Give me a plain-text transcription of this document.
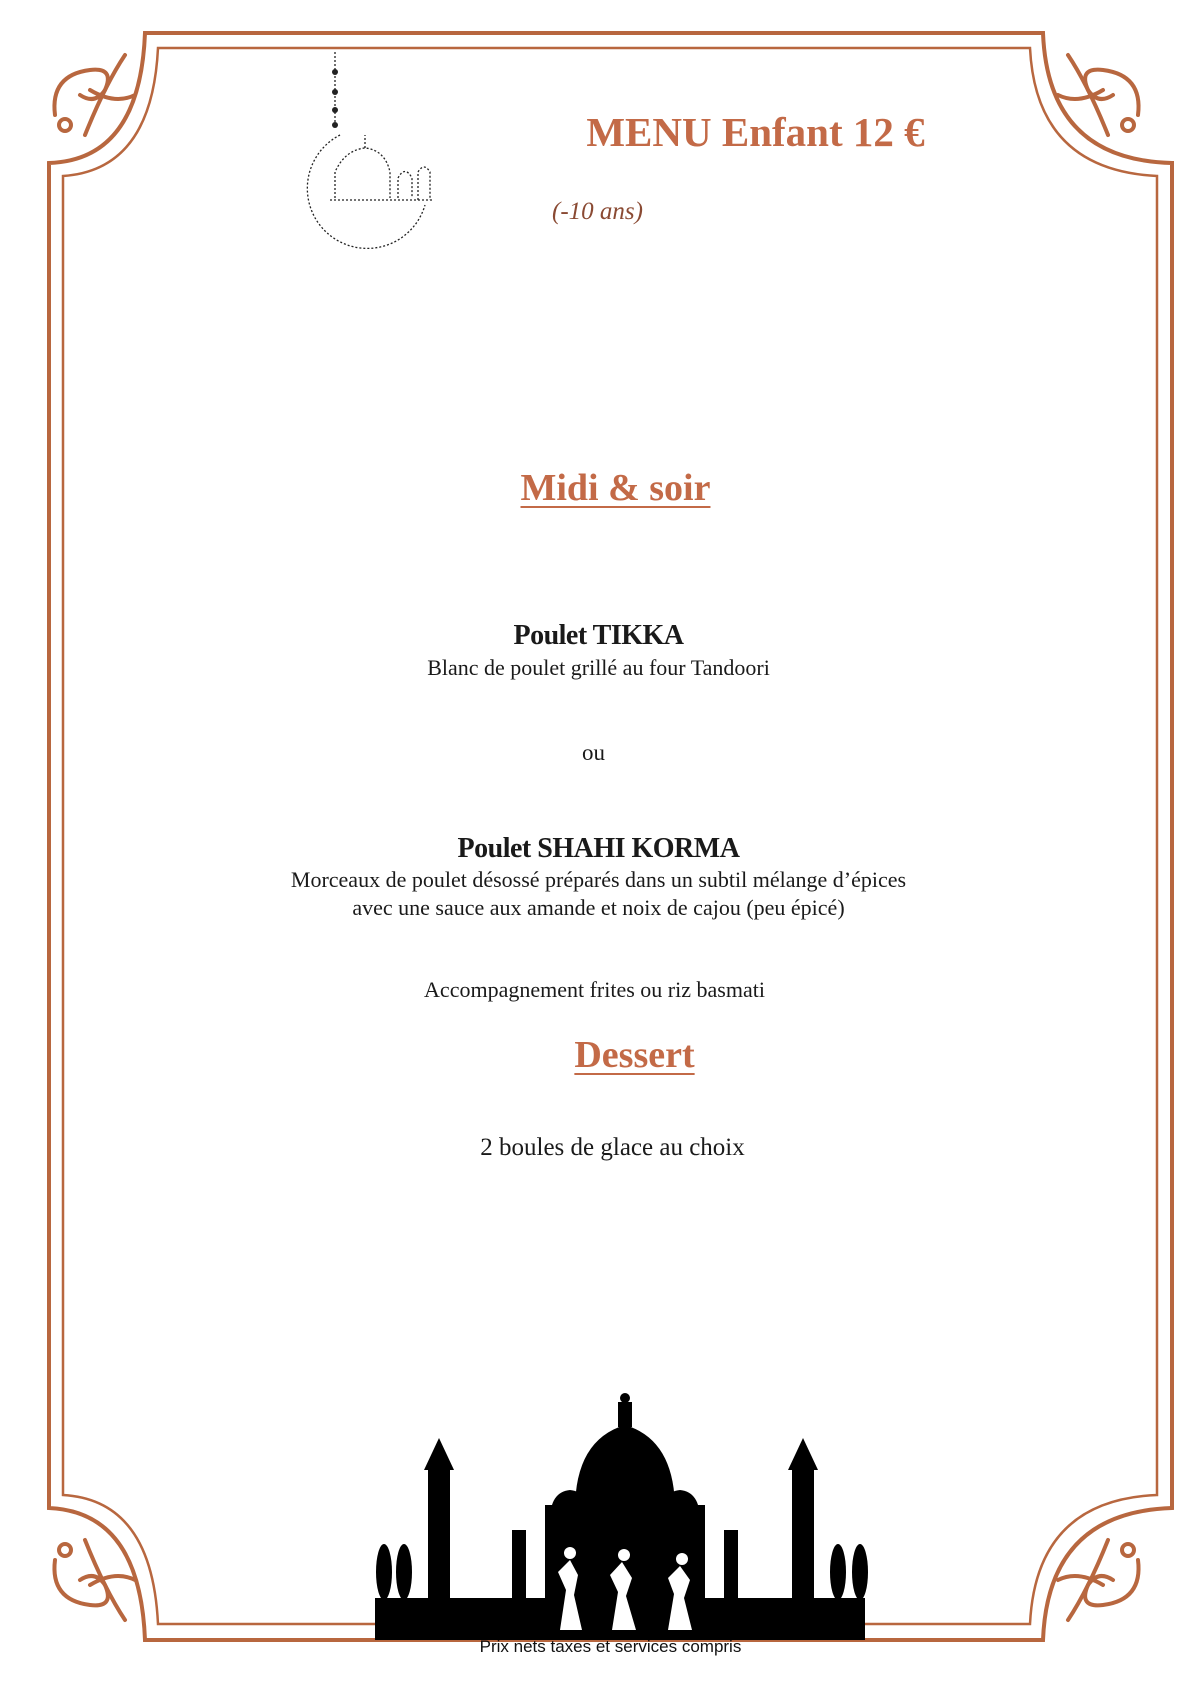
MENU Enfant 12 €
(-10 ans)
Midi & soir
Poulet TIKKA
Blanc de poulet grillé au four Tandoori
ou
Poulet SHAHI KORMA
Morceaux de poulet désossé préparés dans un subtil mélange d’épices
avec une sauce aux amande et noix de cajou (peu épicé)
Accompagnement frites ou riz basmati
Dessert
2 boules de glace au choix
Prix nets taxes et services compris
